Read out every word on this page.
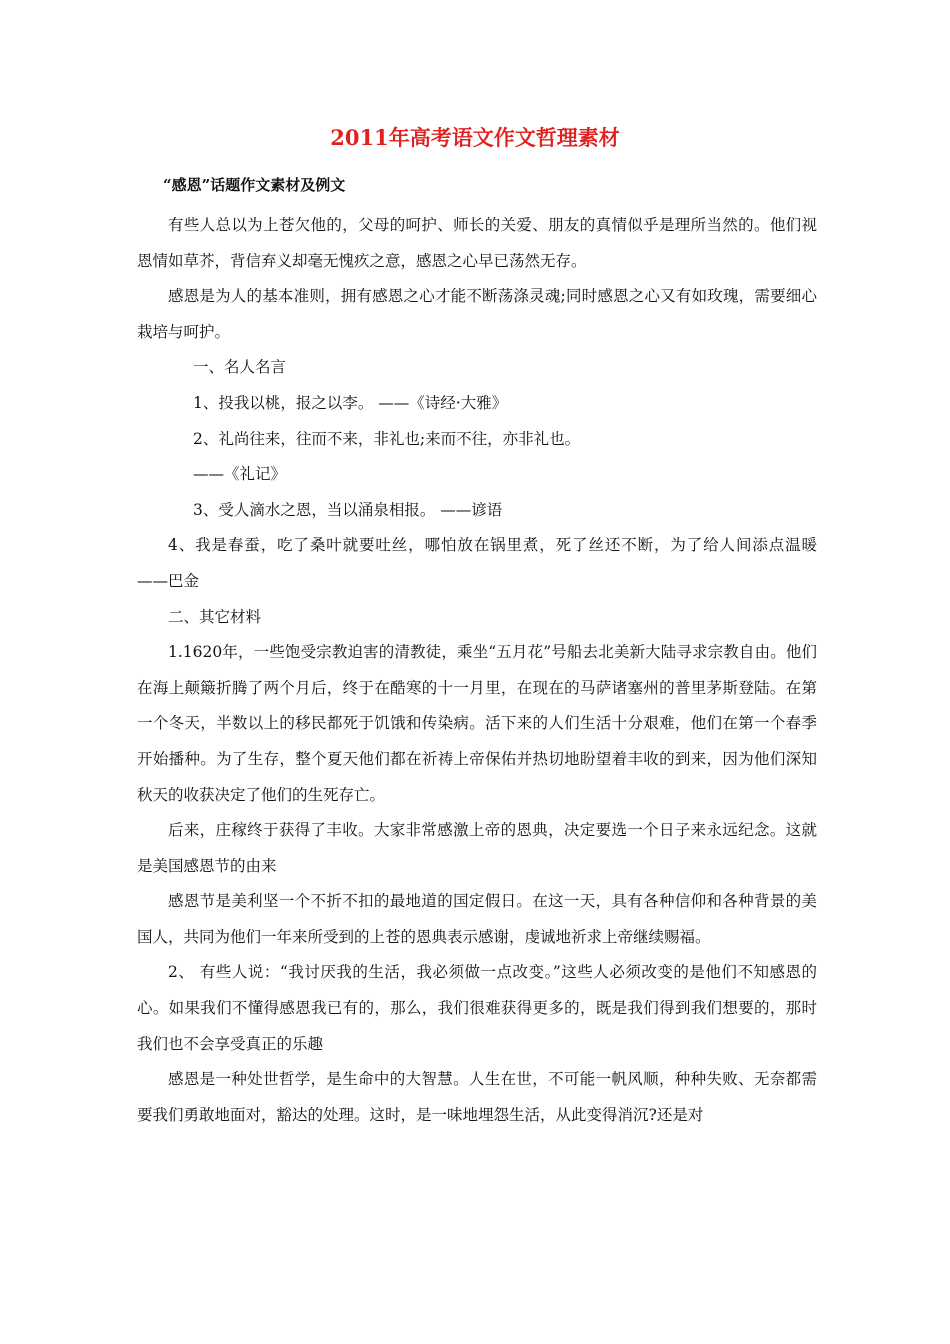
2011年高考语文作文哲理素材
“感恩”话题作文素材及例文

有些人总以为上苍欠他的，父母的呵护、师长的关爱、朋友的真情似乎是理所当然的。他们视恩情如草芥，背信弃义却毫无愧疚之意，感恩之心早已荡然无存。

感恩是为人的基本准则，拥有感恩之心才能不断荡涤灵魂;同时感恩之心又有如玫瑰，需要细心栽培与呵护。

一、名人名言

1、投我以桃，报之以李。 ——《诗经·大雅》

2、礼尚往来，往而不来，非礼也;来而不往，亦非礼也。

——《礼记》

3、受人滴水之恩，当以涌泉相报。 ——谚语

4、我是春蚕，吃了桑叶就要吐丝，哪怕放在锅里煮，死了丝还不断，为了给人间添点温暖 ——巴金

二、其它材料

1.1620年，一些饱受宗教迫害的清教徒，乘坐“五月花”号船去北美新大陆寻求宗教自由。他们在海上颠簸折腾了两个月后，终于在酷寒的十一月里，在现在的马萨诸塞州的普里茅斯登陆。在第一个冬天，半数以上的移民都死于饥饿和传染病。活下来的人们生活十分艰难，他们在第一个春季开始播种。为了生存，整个夏天他们都在祈祷上帝保佑并热切地盼望着丰收的到来，因为他们深知秋天的收获决定了他们的生死存亡。

后来，庄稼终于获得了丰收。大家非常感激上帝的恩典，决定要选一个日子来永远纪念。这就是美国感恩节的由来

感恩节是美利坚一个不折不扣的最地道的国定假日。在这一天，具有各种信仰和各种背景的美国人，共同为他们一年来所受到的上苍的恩典表示感谢，虔诚地祈求上帝继续赐福。

2、 有些人说：“我讨厌我的生活，我必须做一点改变。”这些人必须改变的是他们不知感恩的心。如果我们不懂得感恩我已有的，那么，我们很难获得更多的，既是我们得到我们想要的，那时我们也不会享受真正的乐趣

感恩是一种处世哲学，是生命中的大智慧。人生在世，不可能一帆风顺，种种失败、无奈都需要我们勇敢地面对，豁达的处理。这时，是一味地埋怨生活，从此变得消沉?还是对
